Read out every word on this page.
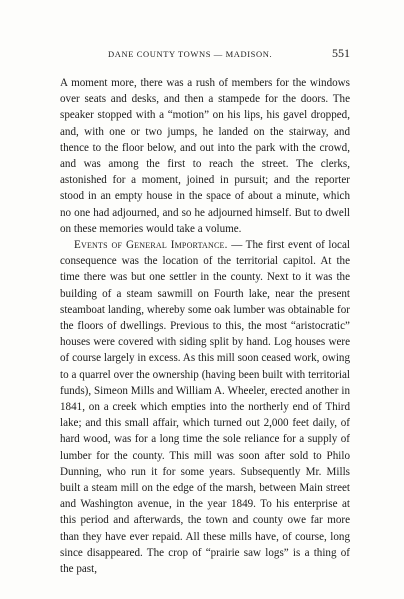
DANE COUNTY TOWNS — MADISON.	551

A moment more, there was a rush of members for the windows over seats and desks, and then a stampede for the doors. The speaker stopped with a “motion” on his lips, his gavel dropped, and, with one or two jumps, he landed on the stairway, and thence to the floor below, and out into the park with the crowd, and was among the first to reach the street. The clerks, astonished for a moment, joined in pursuit; and the reporter stood in an empty house in the space of about a minute, which no one had adjourned, and so he adjourned himself. But to dwell on these memories would take a volume.

Events of General Importance. — The first event of local consequence was the location of the territorial capitol. At the time there was but one settler in the county. Next to it was the building of a steam sawmill on Fourth lake, near the present steamboat landing, whereby some oak lumber was obtainable for the floors of dwellings. Previous to this, the most “aristocratic” houses were covered with siding split by hand. Log houses were of course largely in excess. As this mill soon ceased work, owing to a quarrel over the ownership (having been built with territorial funds), Simeon Mills and William A. Wheeler, erected another in 1841, on a creek which empties into the northerly end of Third lake; and this small affair, which turned out 2,000 feet daily, of hard wood, was for a long time the sole reliance for a supply of lumber for the county. This mill was soon after sold to Philo Dunning, who run it for some years. Subsequently Mr. Mills built a steam mill on the edge of the marsh, between Main street and Washington avenue, in the year 1849. To his enterprise at this period and afterwards, the town and county owe far more than they have ever repaid. All these mills have, of course, long since disappeared. The crop of “prairie saw logs” is a thing of the past,
